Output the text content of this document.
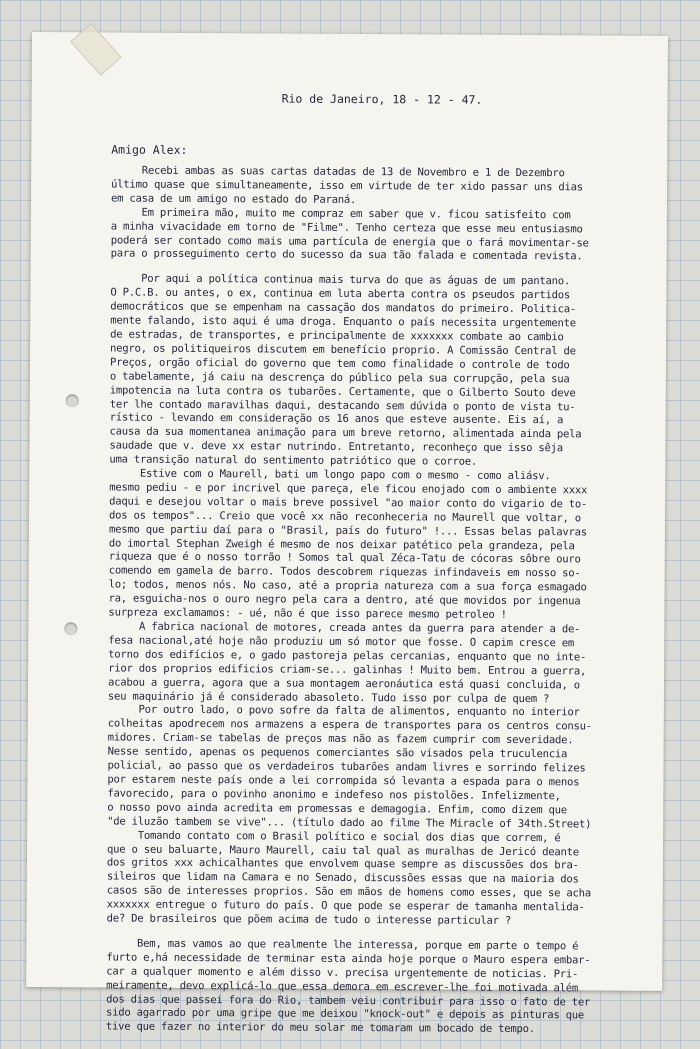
Rio de Janeiro, 18 - 12 - 47.
Amigo Alex:

Recebi ambas as suas cartas datadas de 13 de Novembro e 1 de Dezembro
último quase que simultaneamente, isso em virtude de ter xido passar uns dias
em casa de um amigo no estado do Paraná.
Em primeira mão, muito me compraz em saber que v. ficou satisfeito com
a minha vivacidade em torno de "Filme". Tenho certeza que esse meu entusiasmo
poderá ser contado como mais uma partícula de energia que o fará movimentar-se
para o prosseguimento certo do sucesso da sua tão falada e comentada revista.

Por aqui a política continua mais turva do que as águas de um pantano.
O P.C.B. ou antes, o ex, continua em luta aberta contra os pseudos partidos
democráticos que se empenham na cassação dos mandatos do primeiro. Politica-
mente falando, isto aqui é uma droga. Enquanto o país necessita urgentemente
de estradas, de transportes, e principalmente de xxxxxxx combate ao cambio
negro, os politiqueiros discutem em benefício proprio. A Comissão Central de
Preços, orgão oficial do governo que tem como finalidade o controle de todo
o tabelamente, já caiu na descrença do público pela sua corrupção, pela sua
impotencia na luta contra os tubarões. Certamente, que o Gilberto Souto deve
ter lhe contado maravilhas daqui, destacando sem dúvida o ponto de vista tu-
rístico - levando em consideração os 16 anos que esteve ausente. Eis aí, a
causa da sua momentanea animação para um breve retorno, alimentada ainda pela
saudade que v. deve xx estar nutrindo. Entretanto, reconheço que isso sêja
uma transição natural do sentimento patriótico que o corroe.
Estive com o Maurell, bati um longo papo com o mesmo - como aliásv.
mesmo pediu - e por incrivel que pareça, ele ficou enojado com o ambiente xxxx
daqui e desejou voltar o mais breve possivel "ao maior conto do vigario de to-
dos os tempos"... Creio que você xx não reconheceria no Maurell que voltar, o
mesmo que partiu daí para o "Brasil, país do futuro" !... Essas belas palavras
do imortal Stephan Zweigh é mesmo de nos deixar patético pela grandeza, pela
riqueza que é o nosso torrão ! Somos tal qual Zéca-Tatu de cócoras sôbre ouro
comendo em gamela de barro. Todos descobrem riquezas infindaveis em nosso so-
lo; todos, menos nós. No caso, até a propria natureza com a sua força esmagado
ra, esguicha-nos o ouro negro pela cara a dentro, até que movidos por ingenua
surpreza exclamamos: - ué, não é que isso parece mesmo petroleo !
A fabrica nacional de motores, creada antes da guerra para atender a de-
fesa nacional,até hoje não produziu um só motor que fosse. O capim cresce em
torno dos edifícios e, o gado pastoreja pelas cercanias, enquanto que no inte-
rior dos proprios edificios criam-se... galinhas ! Muito bem. Entrou a guerra,
acabou a guerra, agora que a sua montagem aeronáutica está quasi concluida, o
seu maquinário já é considerado abasoleto. Tudo isso por culpa de quem ?
Por outro lado, o povo sofre da falta de alimentos, enquanto no interior
colheitas apodrecem nos armazens a espera de transportes para os centros consu-
midores. Criam-se tabelas de preços mas não as fazem cumprir com severidade.
Nesse sentido, apenas os pequenos comerciantes são visados pela truculencia
policial, ao passo que os verdadeiros tubarões andam livres e sorrindo felizes
por estarem neste país onde a lei corrompida só levanta a espada para o menos
favorecido, para o povinho anonimo e indefeso nos pistolões. Infelizmente,
o nosso povo ainda acredita em promessas e demagogia. Enfim, como dizem que
"de iluzão tambem se vive"... (título dado ao filme The Miracle of 34th.Street)
Tomando contato com o Brasil político e social dos dias que correm, é
que o seu baluarte, Mauro Maurell, caiu tal qual as muralhas de Jericó deante
dos gritos xxx achicalhantes que envolvem quase sempre as discussões dos bra-
sileiros que lidam na Camara e no Senado, discussões essas que na maioria dos
casos são de interesses proprios. São em mãos de homens como esses, que se acha
xxxxxxx entregue o futuro do país. O que pode se esperar de tamanha mentalida-
de? De brasileiros que põem acima de tudo o interesse particular ?

Bem, mas vamos ao que realmente lhe interessa, porque em parte o tempo é
furto e,há necessidade de terminar esta ainda hoje porque o Mauro espera embar-
car a qualquer momento e além disso v. precisa urgentemente de noticias. Pri-
meiramente, devo explicá-lo que essa demora em escrever-lhe foi motivada além
dos dias que passei fora do Rio, tambem veiu contribuir para isso o fato de ter
sido agarrado por uma gripe que me deixou "knock-out" e depois as pinturas que
tive que fazer no interior do meu solar me tomaram um bocado de tempo.
